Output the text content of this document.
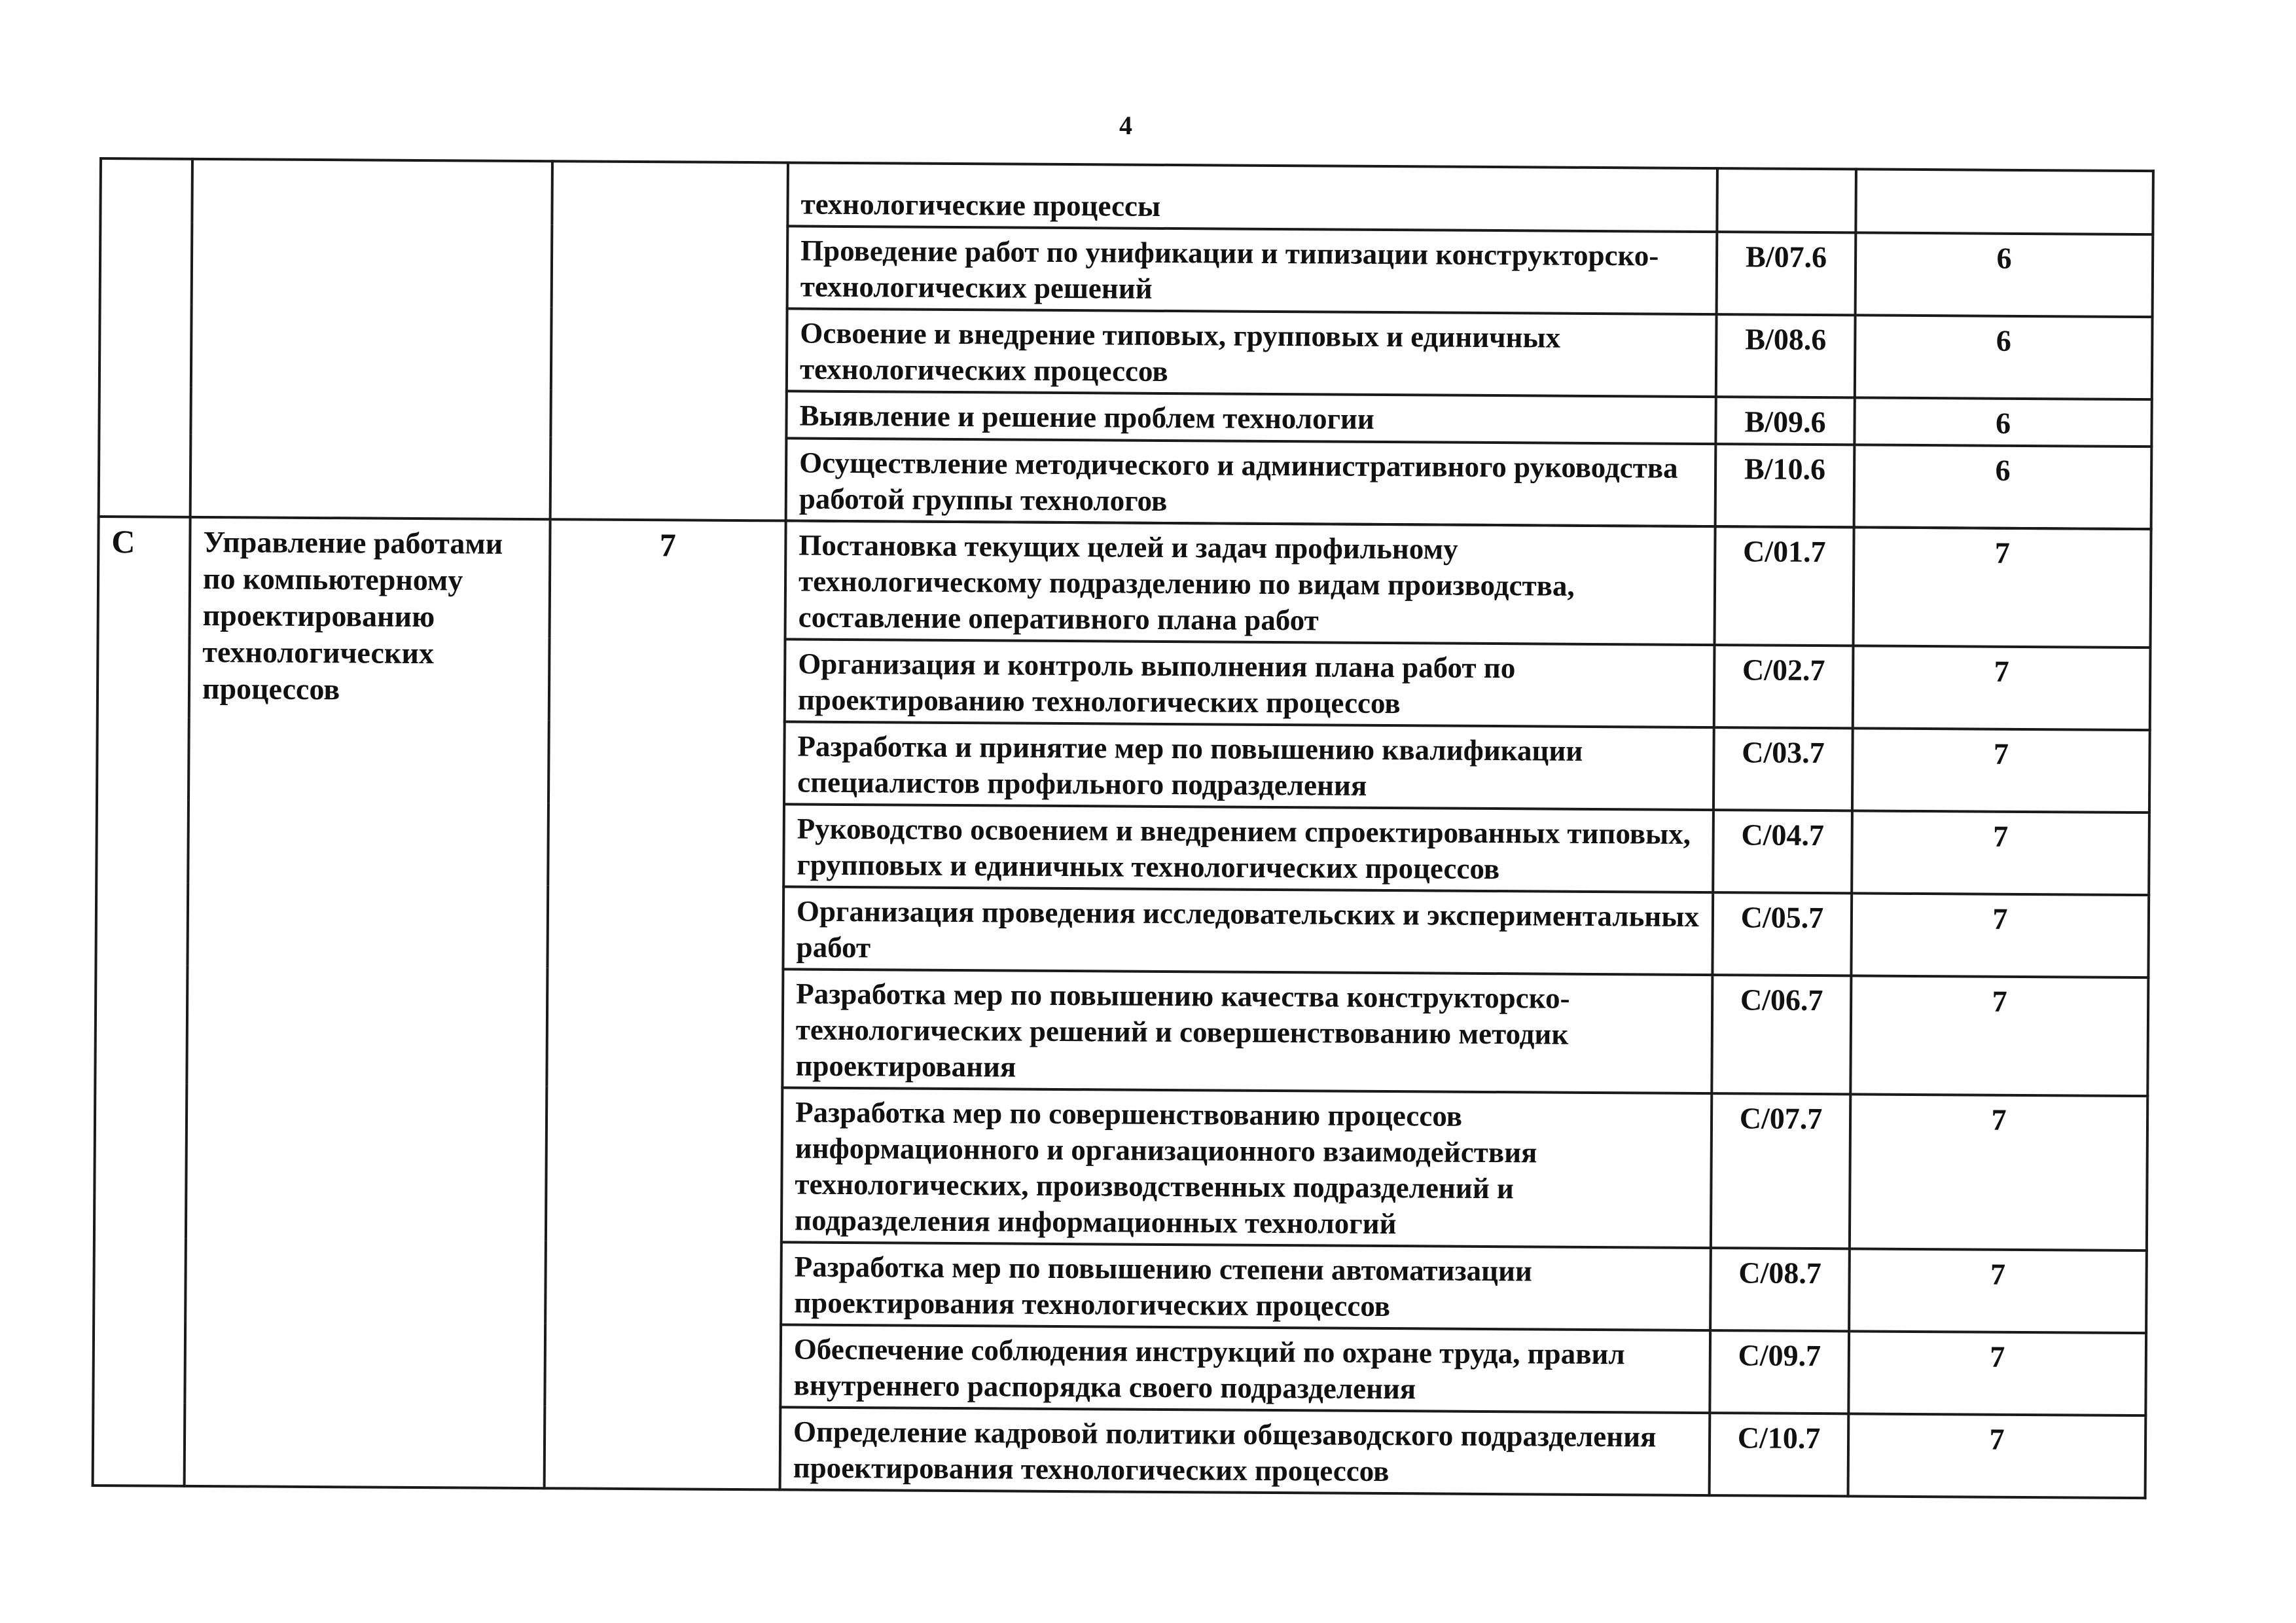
4
			технологические процессы		
			Проведение работ по унификации и типизации конструкторско-технологических решений	B/07.6	6
			Освоение и внедрение типовых, групповых и единичных технологических процессов	B/08.6	6
			Выявление и решение проблем технологии	B/09.6	6
			Осуществление методического и административного руководства работой группы технологов	B/10.6	6

C	Управление работами по компьютерному проектированию технологических процессов	7	Постановка текущих целей и задач профильному технологическому подразделению по видам производства, составление оперативного плана работ	C/01.7	7
			Организация и контроль выполнения плана работ по проектированию технологических процессов	C/02.7	7
			Разработка и принятие мер по повышению квалификации специалистов профильного подразделения	C/03.7	7
			Руководство освоением и внедрением спроектированных типовых, групповых и единичных технологических процессов	C/04.7	7
			Организация проведения исследовательских и экспериментальных работ	C/05.7	7
			Разработка мер по повышению качества конструкторско-технологических решений и совершенствованию методик проектирования	C/06.7	7
			Разработка мер по совершенствованию процессов информационного и организационного взаимодействия технологических, производственных подразделений и подразделения информационных технологий	C/07.7	7
			Разработка мер по повышению степени автоматизации проектирования технологических процессов	C/08.7	7
			Обеспечение соблюдения инструкций по охране труда, правил внутреннего распорядка своего подразделения	C/09.7	7
			Определение кадровой политики общезаводского подразделения проектирования технологических процессов	C/10.7	7
